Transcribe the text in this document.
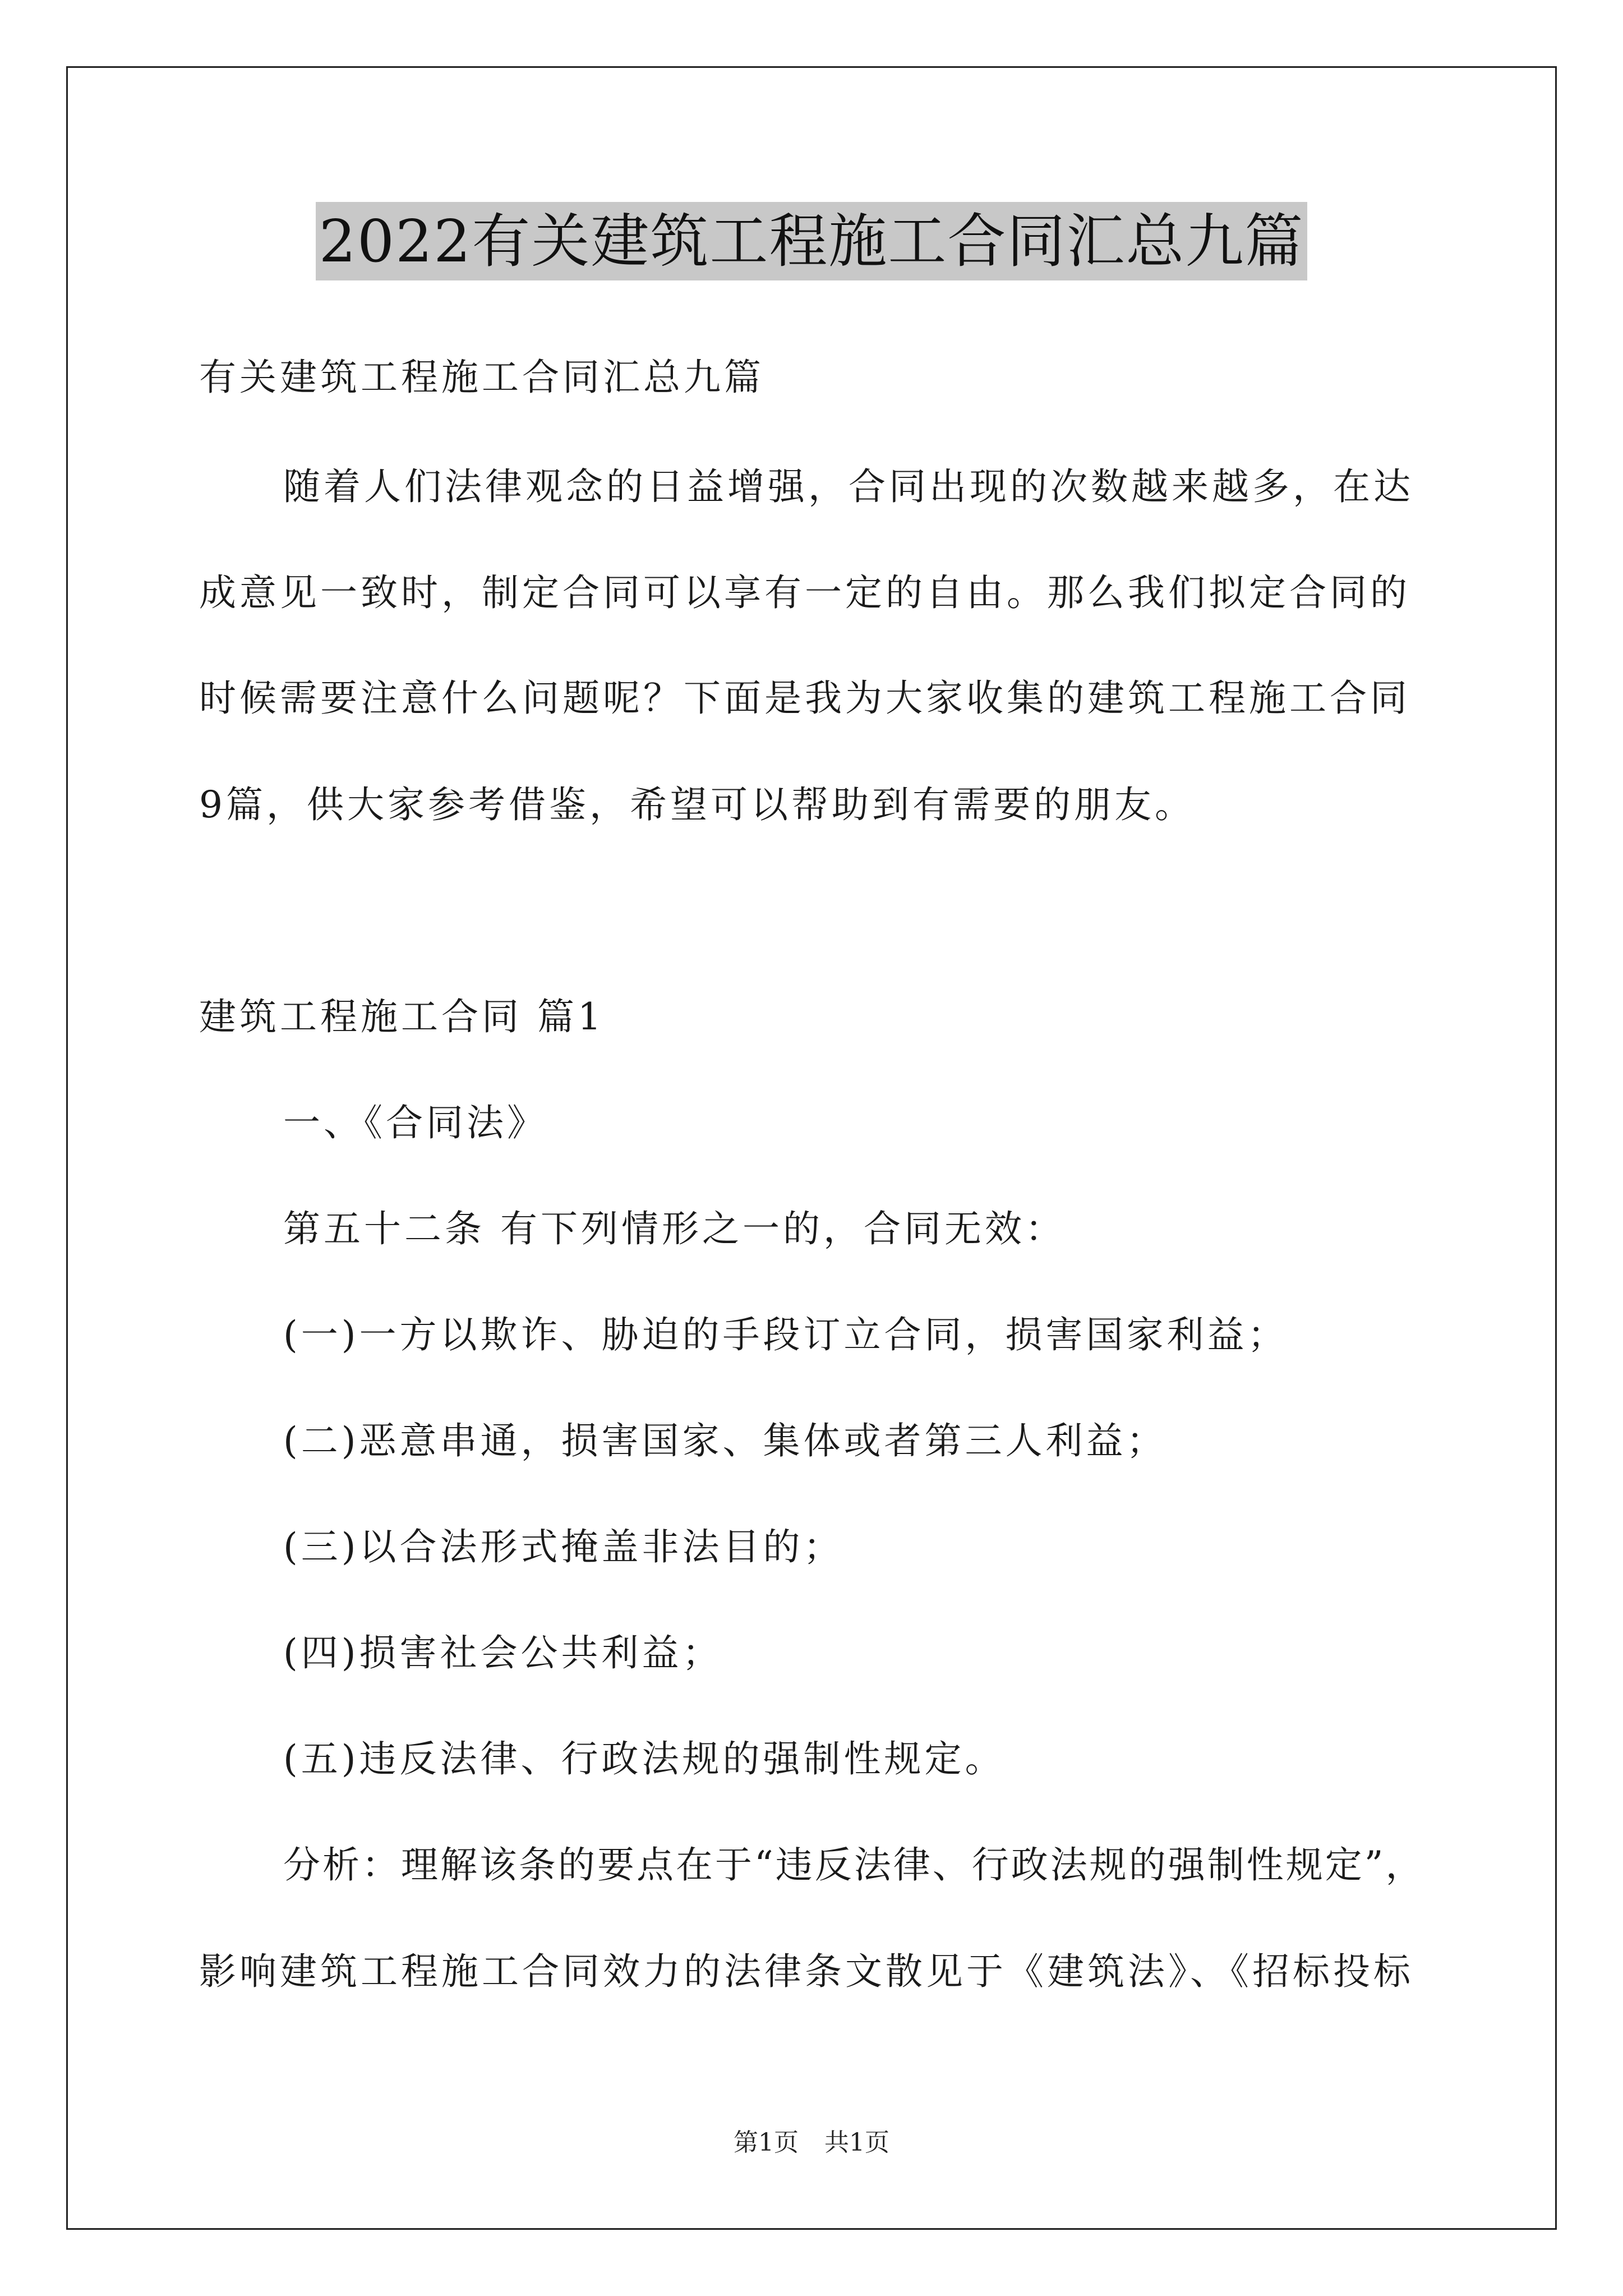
2022有关建筑工程施工合同汇总九篇
有关建筑工程施工合同汇总九篇
随着人们法律观念的日益增强，合同出现的次数越来越多，在达
成意见一致时，制定合同可以享有一定的自由。那么我们拟定合同的
时候需要注意什么问题呢？下面是我为大家收集的建筑工程施工合同
9篇，供大家参考借鉴，希望可以帮助到有需要的朋友。
建筑工程施工合同 篇1
一、《合同法》
第五十二条 有下列情形之一的，合同无效：
(一)一方以欺诈、胁迫的手段订立合同，损害国家利益；
(二)恶意串通，损害国家、集体或者第三人利益；
(三)以合法形式掩盖非法目的；
(四)损害社会公共利益；
(五)违反法律、行政法规的强制性规定。
分析：理解该条的要点在于“违反法律、行政法规的强制性规定”，
影响建筑工程施工合同效力的法律条文散见于《建筑法》、《招标投标
第1页 共1页
